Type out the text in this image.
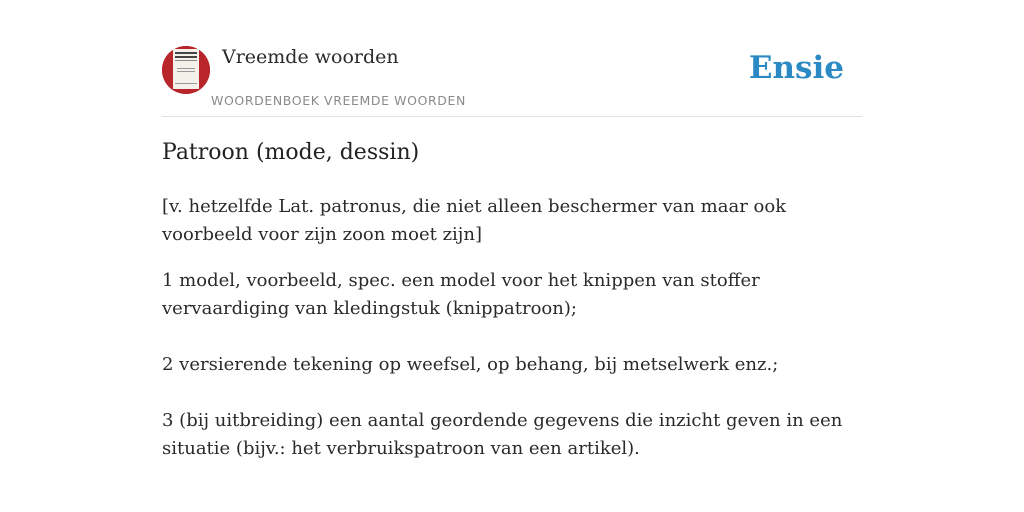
Vreemde woorden
WOORDENBOEK VREEMDE WOORDEN
Ensie
Patroon (mode, dessin)

[v. hetzelfde Lat. patronus, die niet alleen beschermer van maar ook voorbeeld voor zijn zoon moet zijn]

1 model, voorbeeld, spec. een model voor het knippen van stoffer vervaardiging van kledingstuk (knippatroon);

2 versierende tekening op weefsel, op behang, bij metselwerk enz.;

3 (bij uitbreiding) een aantal geordende gegevens die inzicht geven in een situatie (bijv.: het verbruikspatroon van een artikel).
